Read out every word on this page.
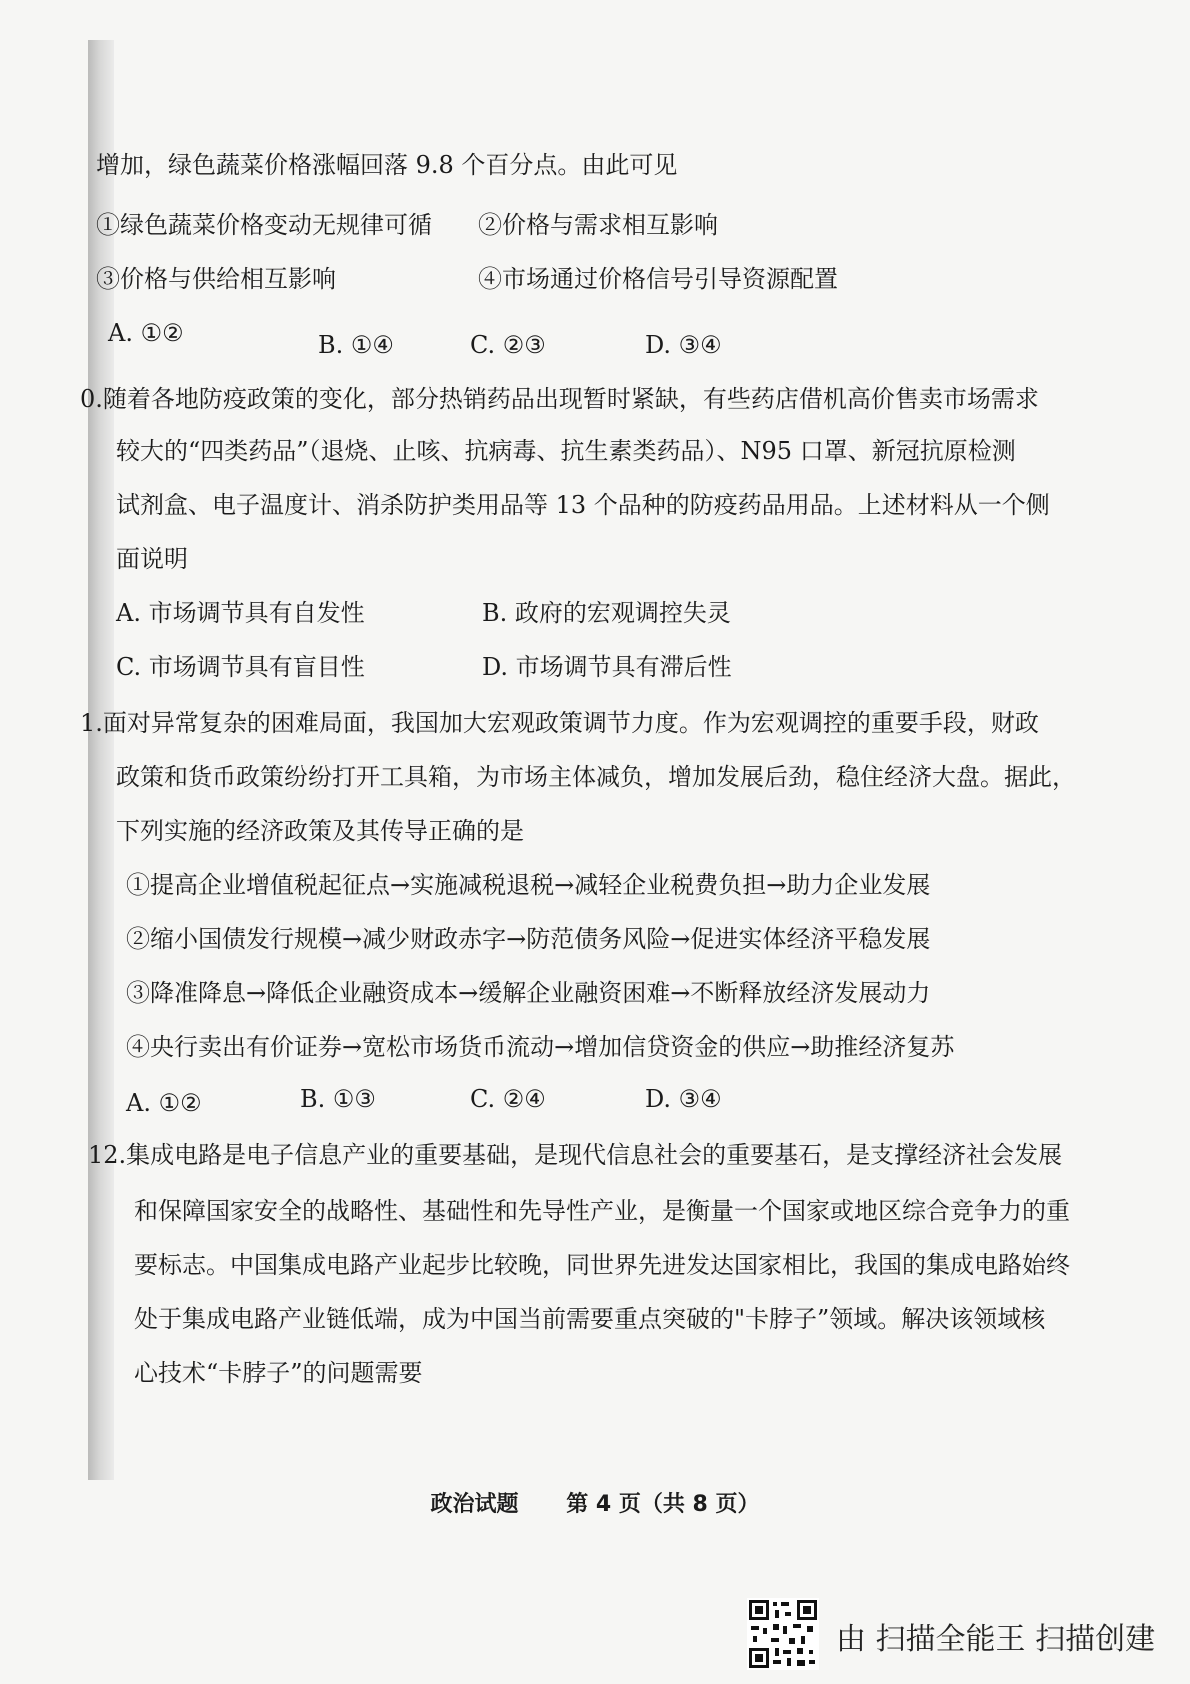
增加，绿色蔬菜价格涨幅回落 9.8 个百分点。由此可见
①绿色蔬菜价格变动无规律可循 ②价格与需求相互影响
③价格与供给相互影响	④市场通过价格信号引导资源配置
A. ①②	B. ①④	C. ②③	D. ③④
0.随着各地防疫政策的变化，部分热销药品出现暂时紧缺，有些药店借机高价售卖市场需求
较大的“四类药品”（退烧、止咳、抗病毒、抗生素类药品）、N95 口罩、新冠抗原检测
试剂盒、电子温度计、消杀防护类用品等 13 个品种的防疫药品用品。上述材料从一个侧
面说明
A. 市场调节具有自发性	B. 政府的宏观调控失灵
C. 市场调节具有盲目性	D. 市场调节具有滞后性
1.面对异常复杂的困难局面，我国加大宏观政策调节力度。作为宏观调控的重要手段，财政
政策和货币政策纷纷打开工具箱，为市场主体减负，增加发展后劲，稳住经济大盘。据此，
下列实施的经济政策及其传导正确的是
①提高企业增值税起征点→实施减税退税→减轻企业税费负担→助力企业发展
②缩小国债发行规模→减少财政赤字→防范债务风险→促进实体经济平稳发展
③降准降息→降低企业融资成本→缓解企业融资困难→不断释放经济发展动力
④央行卖出有价证券→宽松市场货币流动→增加信贷资金的供应→助推经济复苏
A. ①②	B. ①③	C. ②④	D. ③④
12.集成电路是电子信息产业的重要基础，是现代信息社会的重要基石，是支撑经济社会发展
和保障国家安全的战略性、基础性和先导性产业，是衡量一个国家或地区综合竞争力的重
要标志。中国集成电路产业起步比较晚，同世界先进发达国家相比，我国的集成电路始终
处于集成电路产业链低端，成为中国当前需要重点突破的"卡脖子”领域。解决该领域核
心技术“卡脖子”的问题需要
政治试题 第 4 页（共 8 页）
由 扫描全能王 扫描创建
